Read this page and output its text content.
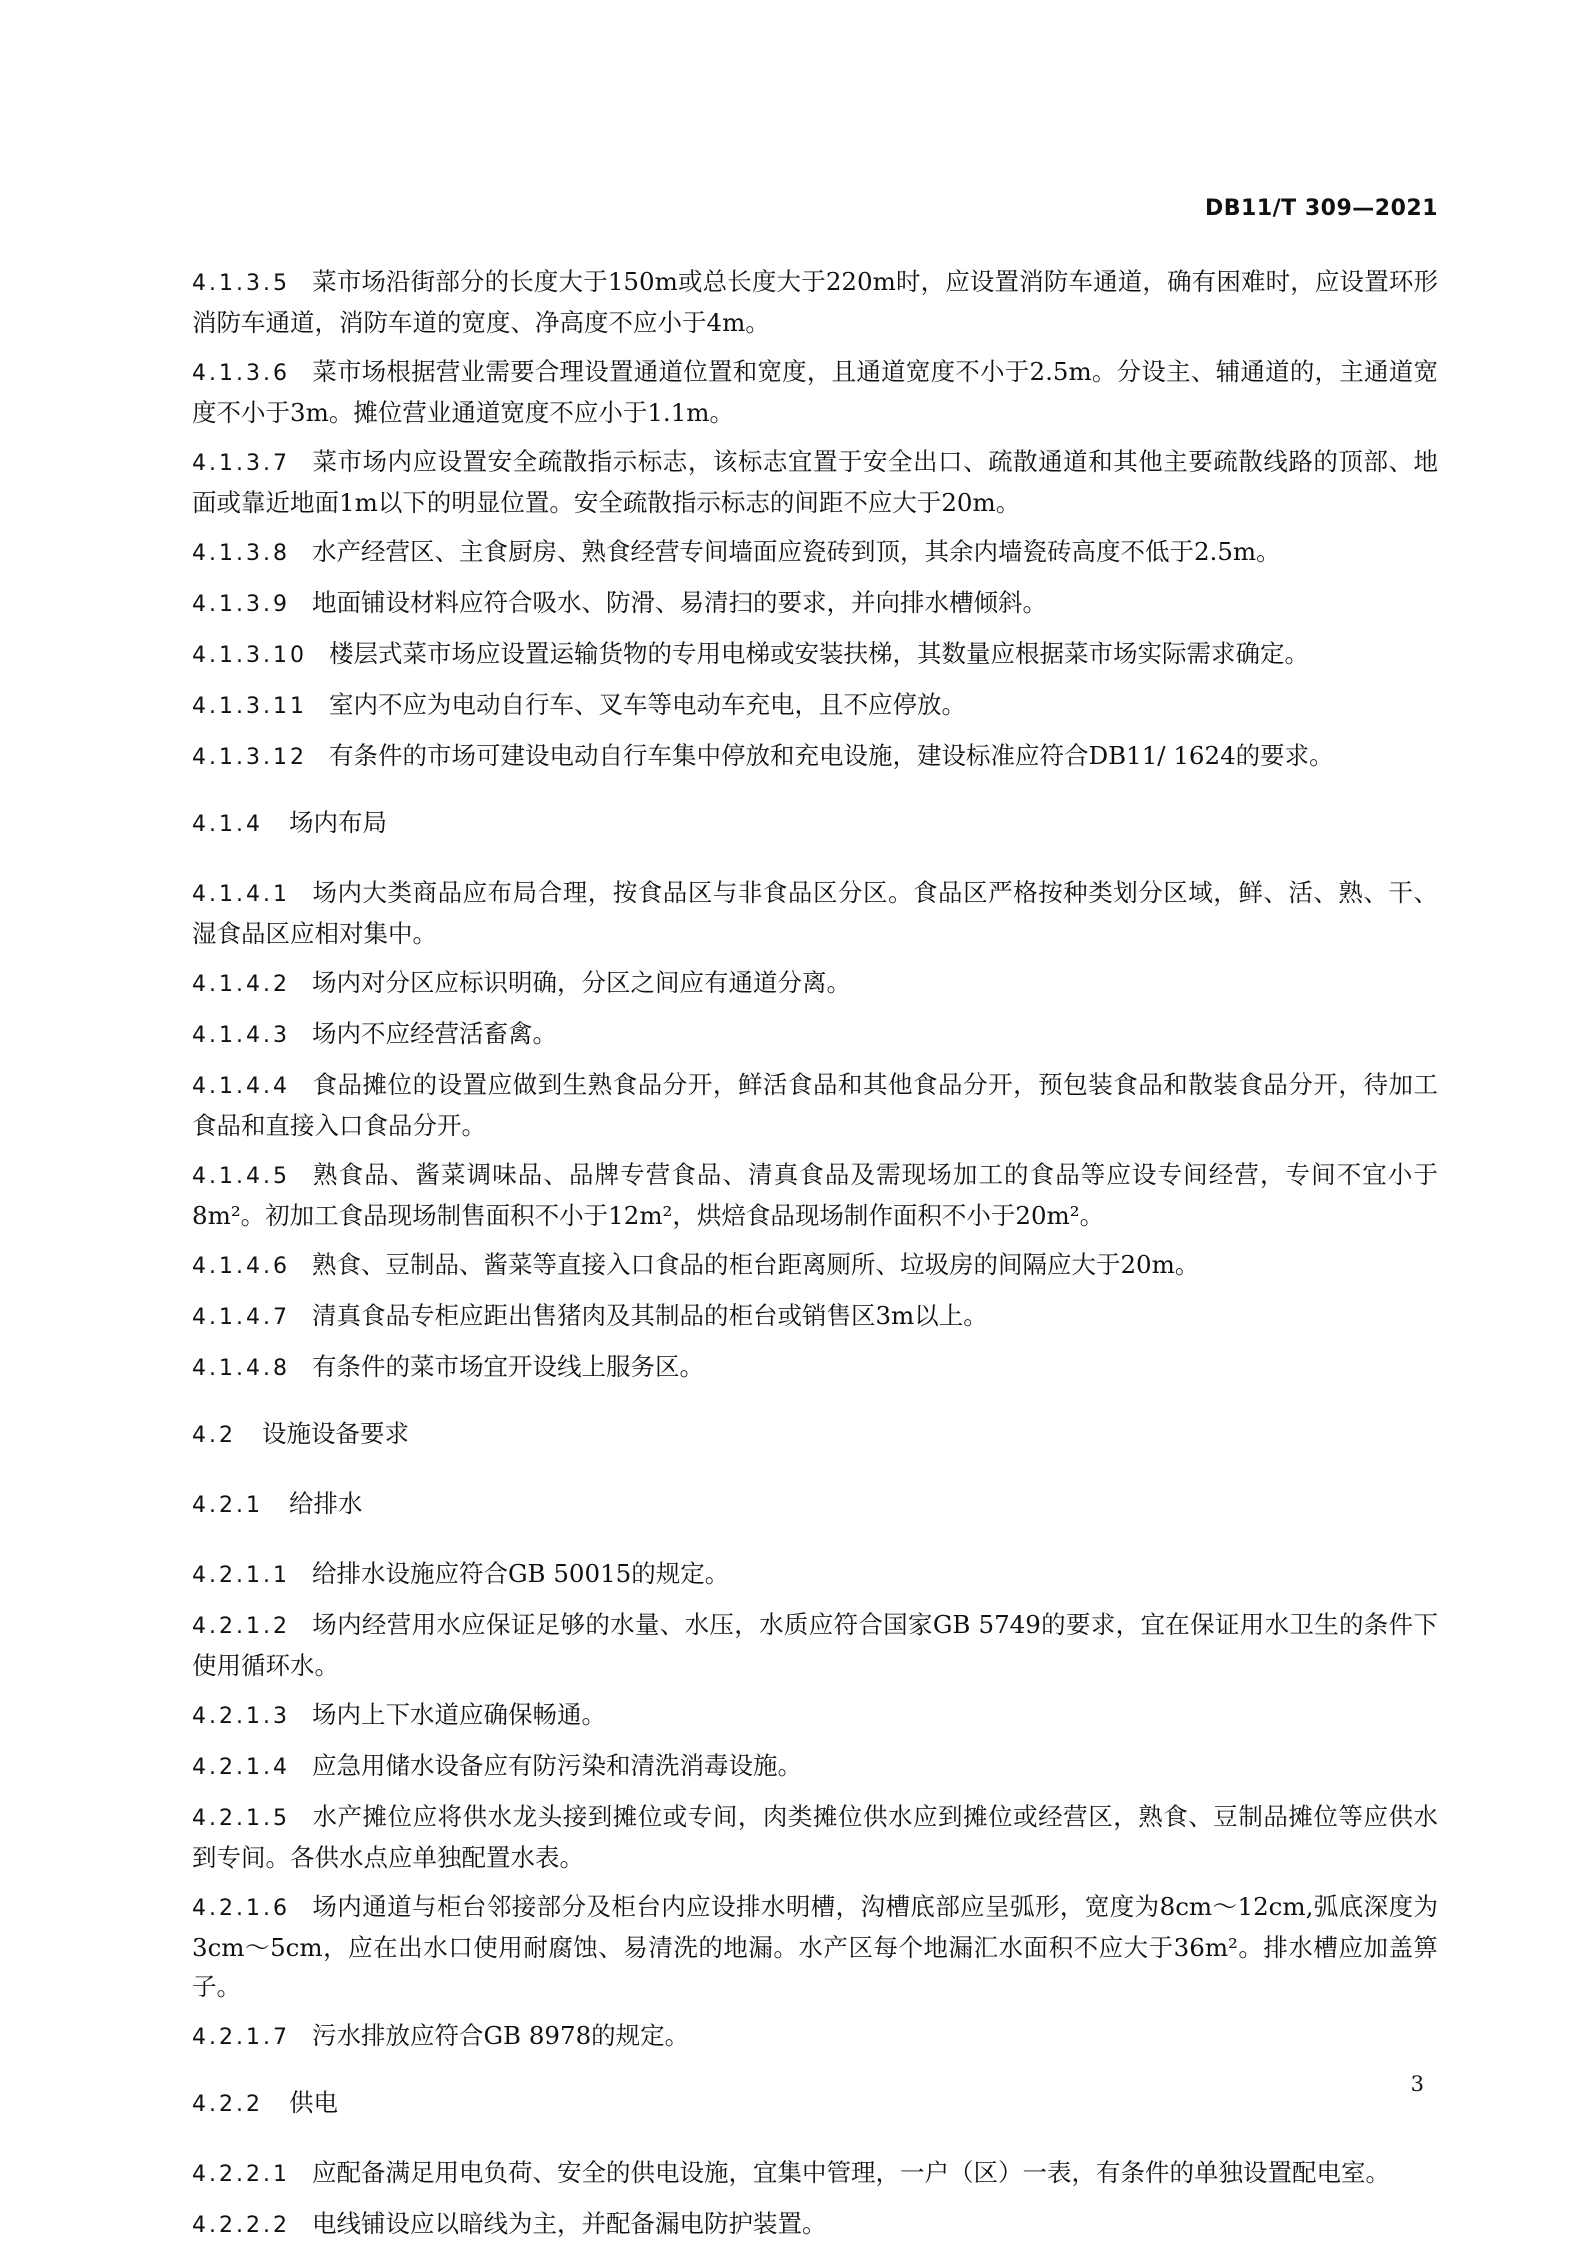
DB11/T 309—2021
4.1.3.5 菜市场沿街部分的长度大于150m或总长度大于220m时，应设置消防车通道，确有困难时，应设置环形消防车通道，消防车道的宽度、净高度不应小于4m。
4.1.3.6 菜市场根据营业需要合理设置通道位置和宽度，且通道宽度不小于2.5m。分设主、辅通道的，主通道宽度不小于3m。摊位营业通道宽度不应小于1.1m。
4.1.3.7 菜市场内应设置安全疏散指示标志，该标志宜置于安全出口、疏散通道和其他主要疏散线路的顶部、地面或靠近地面1m以下的明显位置。安全疏散指示标志的间距不应大于20m。
4.1.3.8 水产经营区、主食厨房、熟食经营专间墙面应瓷砖到顶，其余内墙瓷砖高度不低于2.5m。
4.1.3.9 地面铺设材料应符合吸水、防滑、易清扫的要求，并向排水槽倾斜。
4.1.3.10 楼层式菜市场应设置运输货物的专用电梯或安装扶梯，其数量应根据菜市场实际需求确定。
4.1.3.11 室内不应为电动自行车、叉车等电动车充电，且不应停放。
4.1.3.12 有条件的市场可建设电动自行车集中停放和充电设施，建设标准应符合DB11/ 1624的要求。
4.1.4 场内布局
4.1.4.1 场内大类商品应布局合理，按食品区与非食品区分区。食品区严格按种类划分区域，鲜、活、熟、干、湿食品区应相对集中。
4.1.4.2 场内对分区应标识明确，分区之间应有通道分离。
4.1.4.3 场内不应经营活畜禽。
4.1.4.4 食品摊位的设置应做到生熟食品分开，鲜活食品和其他食品分开，预包装食品和散装食品分开，待加工食品和直接入口食品分开。
4.1.4.5 熟食品、酱菜调味品、品牌专营食品、清真食品及需现场加工的食品等应设专间经营，专间不宜小于8m²。初加工食品现场制售面积不小于12m²，烘焙食品现场制作面积不小于20m²。
4.1.4.6 熟食、豆制品、酱菜等直接入口食品的柜台距离厕所、垃圾房的间隔应大于20m。
4.1.4.7 清真食品专柜应距出售猪肉及其制品的柜台或销售区3m以上。
4.1.4.8 有条件的菜市场宜开设线上服务区。
4.2 设施设备要求
4.2.1 给排水
4.2.1.1 给排水设施应符合GB 50015的规定。
4.2.1.2 场内经营用水应保证足够的水量、水压，水质应符合国家GB 5749的要求，宜在保证用水卫生的条件下使用循环水。
4.2.1.3 场内上下水道应确保畅通。
4.2.1.4 应急用储水设备应有防污染和清洗消毒设施。
4.2.1.5 水产摊位应将供水龙头接到摊位或专间，肉类摊位供水应到摊位或经营区，熟食、豆制品摊位等应供水到专间。各供水点应单独配置水表。
4.2.1.6 场内通道与柜台邻接部分及柜台内应设排水明槽，沟槽底部应呈弧形，宽度为8cm～12cm,弧底深度为3cm～5cm，应在出水口使用耐腐蚀、易清洗的地漏。水产区每个地漏汇水面积不应大于36m²。排水槽应加盖箅子。
4.2.1.7 污水排放应符合GB 8978的规定。
4.2.2 供电
4.2.2.1 应配备满足用电负荷、安全的供电设施，宜集中管理，一户（区）一表，有条件的单独设置配电室。
4.2.2.2 电线铺设应以暗线为主，并配备漏电防护装置。
3
